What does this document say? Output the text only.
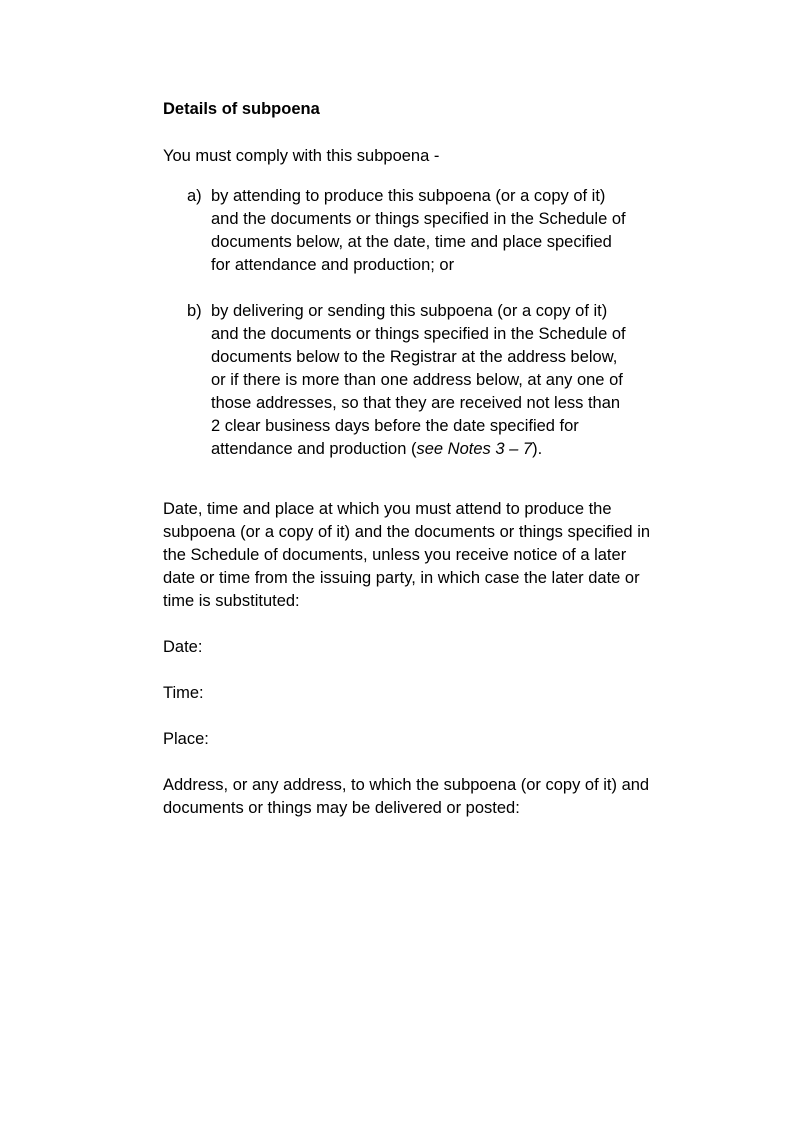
Details of subpoena

You must comply with this subpoena -

a) by attending to produce this subpoena (or a copy of it) and the documents or things specified in the Schedule of documents below, at the date, time and place specified for attendance and production; or
b) by delivering or sending this subpoena (or a copy of it) and the documents or things specified in the Schedule of documents below to the Registrar at the address below, or if there is more than one address below, at any one of those addresses, so that they are received not less than 2 clear business days before the date specified for attendance and production (see Notes 3 – 7).

Date, time and place at which you must attend to produce the subpoena (or a copy of it) and the documents or things specified in the Schedule of documents, unless you receive notice of a later date or time from the issuing party, in which case the later date or time is substituted:

Date:

Time:

Place:

Address, or any address, to which the subpoena (or copy of it) and documents or things may be delivered or posted:
